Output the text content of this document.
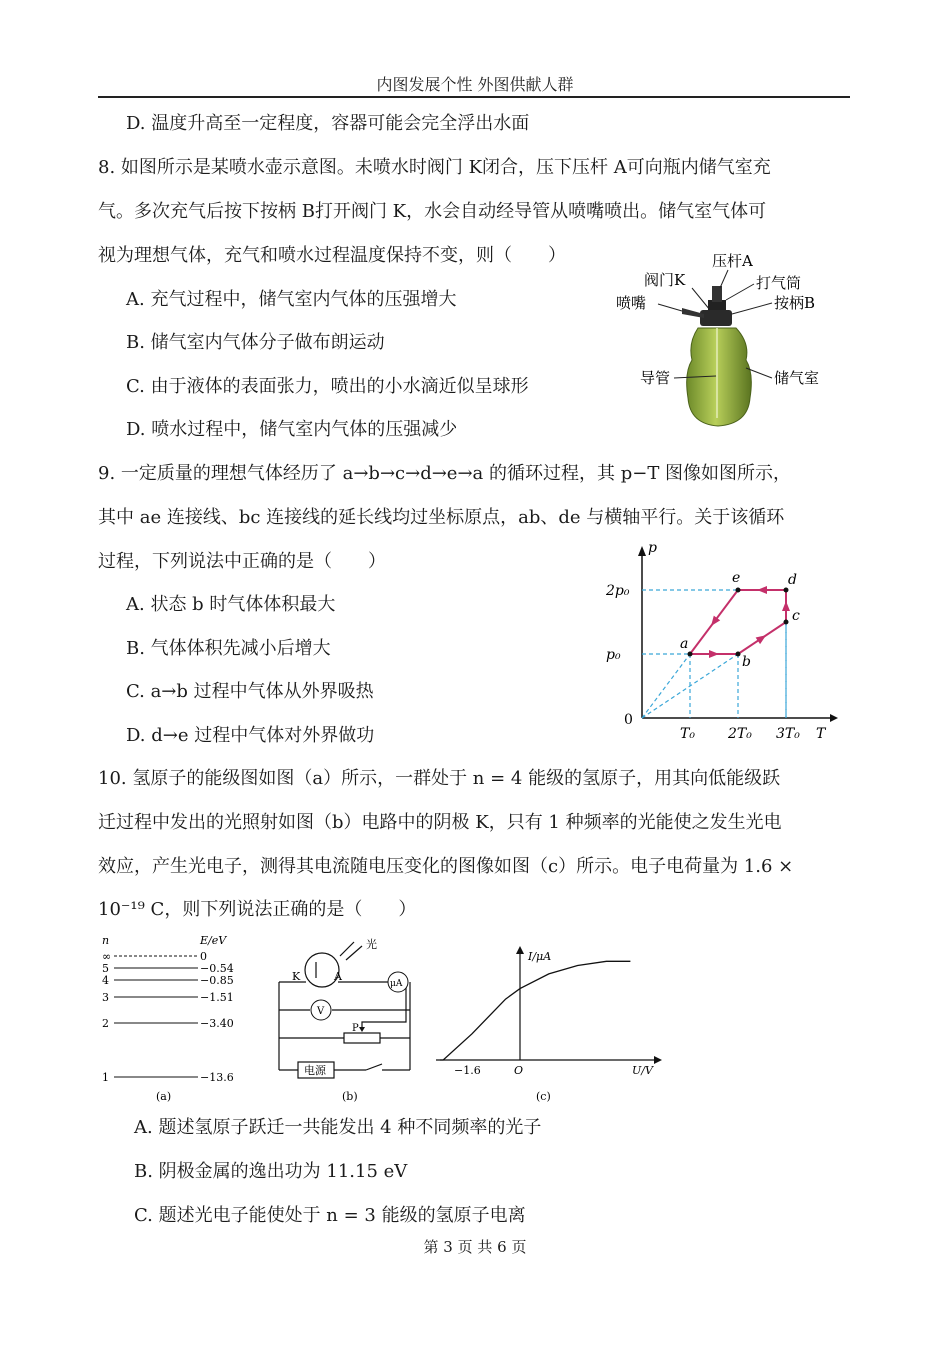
内图发展个性 外图供献人群
D. 温度升高至一定程度，容器可能会完全浮出水面
8. 如图所示是某喷水壶示意图。未喷水时阀门 K闭合，压下压杆 A可向瓶内储气室充
气。多次充气后按下按柄 B打开阀门 K，水会自动经导管从喷嘴喷出。储气室气体可
视为理想气体，充气和喷水过程温度保持不变，则（　　）
A. 充气过程中，储气室内气体的压强增大
B. 储气室内气体分子做布朗运动
C. 由于液体的表面张力，喷出的小水滴近似呈球形
D. 喷水过程中，储气室内气体的压强减少
压杆A
阀门K	打气筒
喷嘴	按柄B
导管	储气室
9. 一定质量的理想气体经历了 a→b→c→d→e→a 的循环过程，其 p−T 图像如图所示，
其中 ae 连接线、bc 连接线的延长线均过坐标原点，ab、de 与横轴平行。关于该循环
过程，下列说法中正确的是（　　）
A. 状态 b 时气体体积最大
B. 气体体积先减小后增大
C. a→b 过程中气体从外界吸热
D. d→e 过程中气体对外界做功
p
T
0
T₀ 2T₀ 3T₀
p₀
2p₀
a
b
c
d
e
10. 氢原子的能级图如图（a）所示，一群处于 n = 4 能级的氢原子，用其向低能级跃
迁过程中发出的光照射如图（b）电路中的阴极 K，只有 1 种频率的光能使之发生光电
效应，产生光电子，测得其电流随电压变化的图像如图（c）所示。电子电荷量为 1.6 ×
10⁻¹⁹ C，则下列说法正确的是（　　）
n	E/eV
∞	0
5	−0.54
4	−0.85
3	−1.51
2	−3.40
1	−13.6
(a)
光
K	A
μA
V
P
电源
(b)
I/μA
U/V
−1.6	O
(c)
A. 题述氢原子跃迁一共能发出 4 种不同频率的光子
B. 阴极金属的逸出功为 11.15 eV
C. 题述光电子能使处于 n = 3 能级的氢原子电离
第 3 页 共 6 页
